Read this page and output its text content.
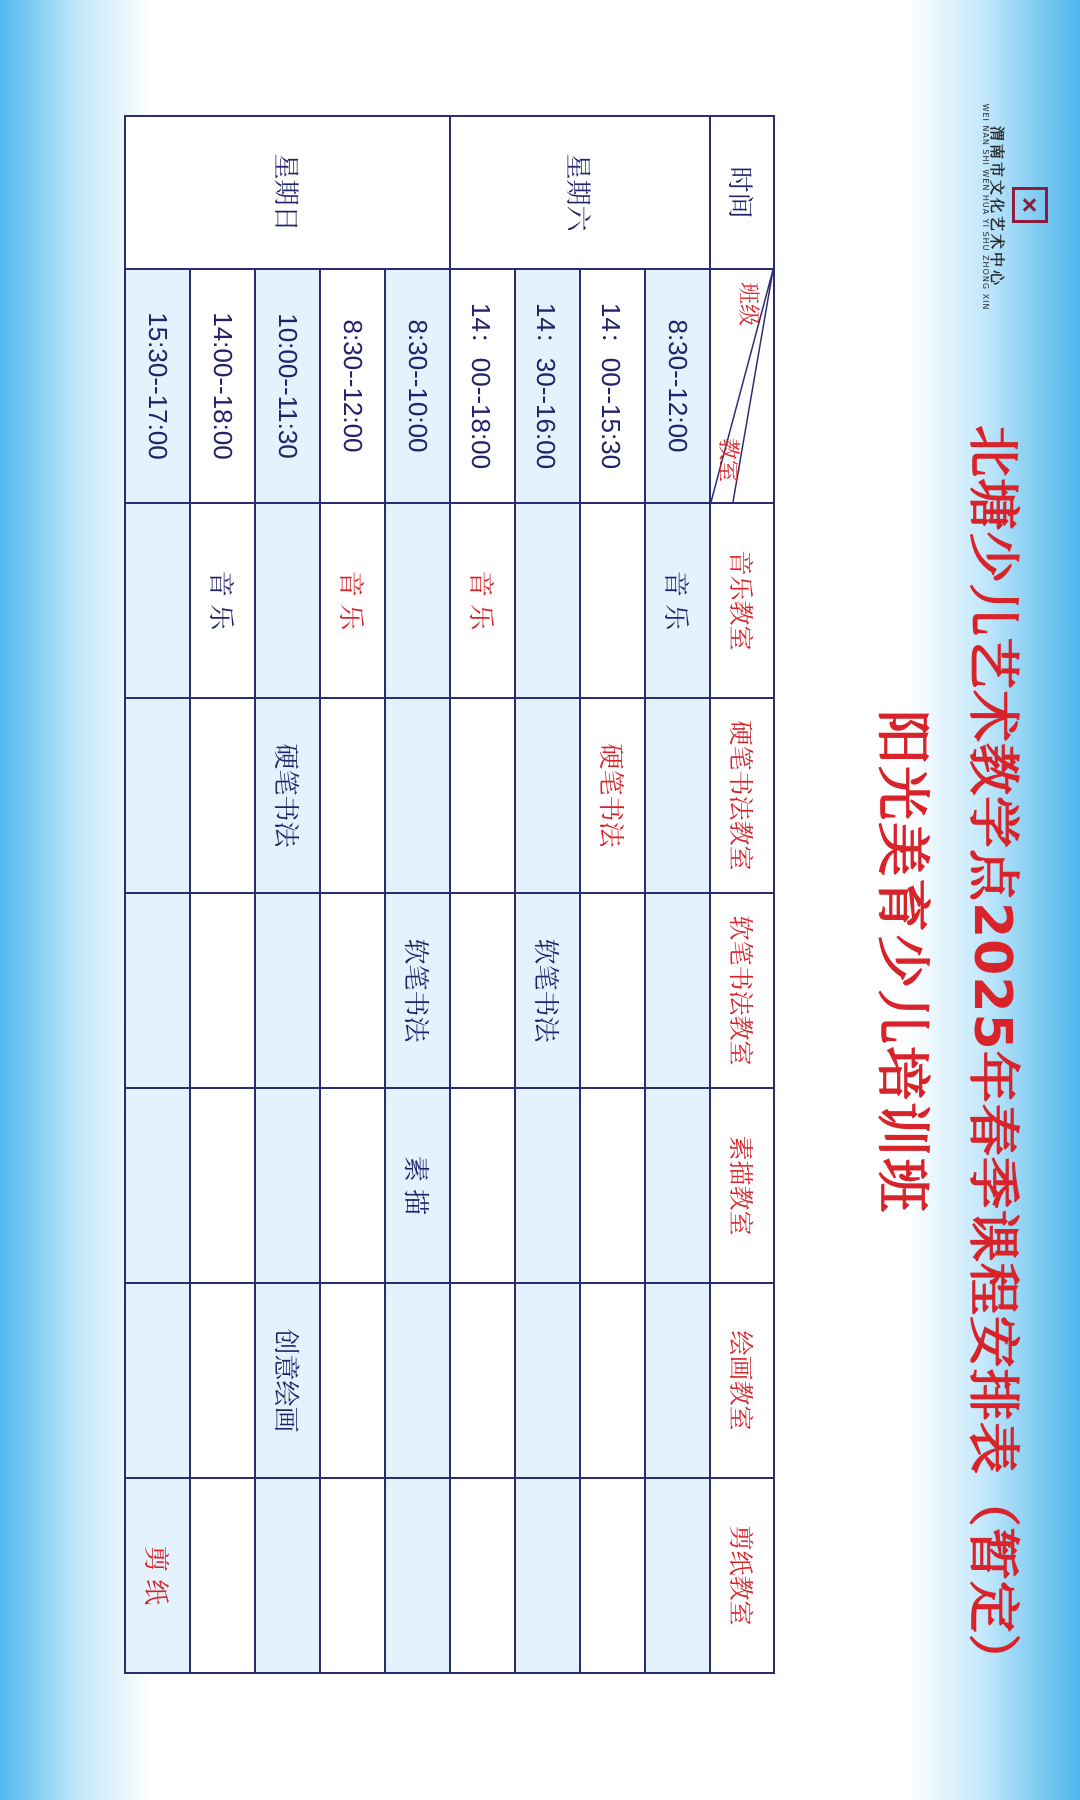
渭南市文化艺术中心
WEI NAN SHI WEN HUA YI SHU ZHONG XIN
北塘少儿艺术教学点2025年春季课程安排表（暂定）
阳光美育少儿培训班
时间	班级
教室	音乐教室	硬笔书法教室	软笔书法教室	素描教室	绘画教室	剪纸教室
星期六	8:30--12:00	音 乐					
	14：00--15:30		硬笔书法				
	14：30--16:00			软笔书法			
	14：00--18:00	音 乐					
星期日	8:30--10:00			软笔书法	素 描		
	8:30--12:00	音 乐					
	10:00--11:30		硬笔书法			创意绘画	
	14:00--18:00	音 乐					
	15:30--17:00						剪 纸
